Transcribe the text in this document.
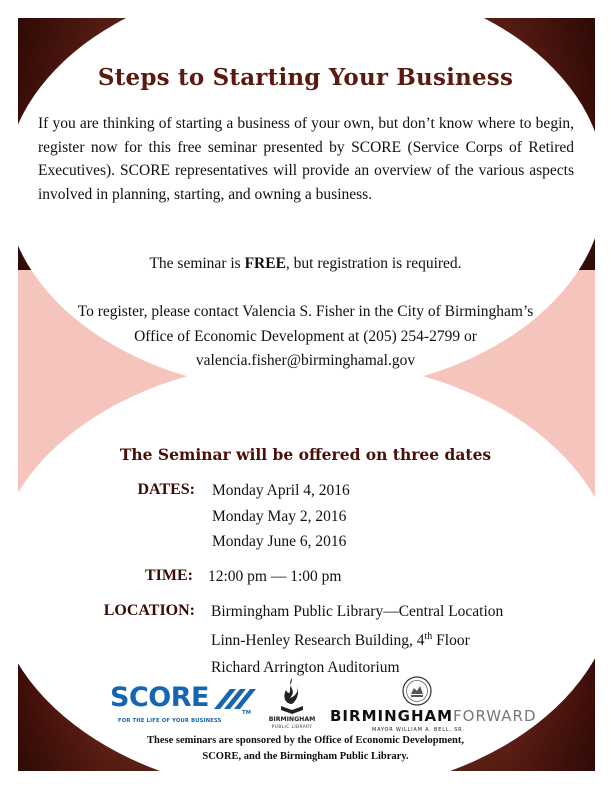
Steps to Starting Your Business

If you are thinking of starting a business of your own, but don’t know where to begin, register now for this free seminar presented by SCORE (Service Corps of Retired Executives). SCORE representatives will provide an overview of the various aspects involved in planning, starting, and owning a business.

The seminar is FREE, but registration is required.
To register, please contact Valencia S. Fisher in the City of Birmingham’s
Office of Economic Development at (205) 254-2799 or
valencia.fisher@birminghamal.gov
The Seminar will be offered on three dates
DATES: Monday April 4, 2016
Monday May 2, 2016
Monday June 6, 2016
TIME: 12:00 pm — 1:00 pm
LOCATION: Birmingham Public Library—Central Location
Linn-Henley Research Building, 4th Floor
Richard Arrington Auditorium
SCORE
FOR THE LIFE OF YOUR BUSINESS
TM
BIRMINGHAM
PUBLIC LIBRARY
BIRMINGHAMFORWARD
MAYOR WILLIAM A. BELL, SR.
These seminars are sponsored by the Office of Economic Development,
SCORE, and the Birmingham Public Library.
